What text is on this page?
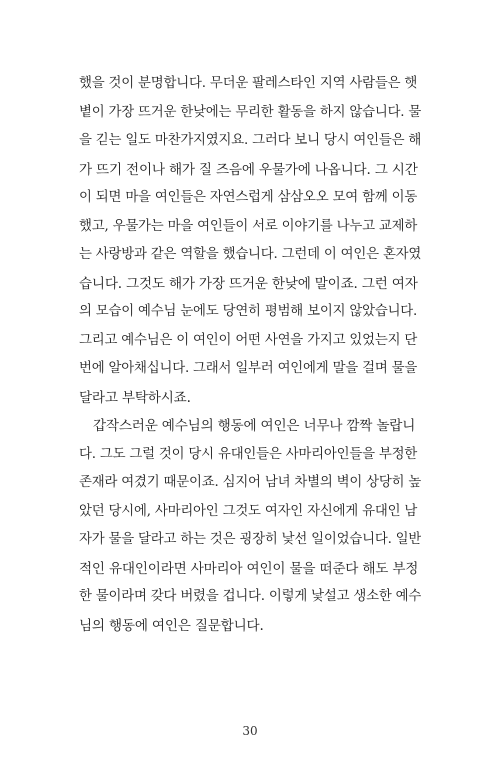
했을 것이 분명합니다. 무더운 팔레스타인 지역 사람들은 햇
볕이 가장 뜨거운 한낮에는 무리한 활동을 하지 않습니다. 물
을 긷는 일도 마찬가지였지요. 그러다 보니 당시 여인들은 해
가 뜨기 전이나 해가 질 즈음에 우물가에 나옵니다. 그 시간
이 되면 마을 여인들은 자연스럽게 삼삼오오 모여 함께 이동
했고, 우물가는 마을 여인들이 서로 이야기를 나누고 교제하
는 사랑방과 같은 역할을 했습니다. 그런데 이 여인은 혼자였
습니다. 그것도 해가 가장 뜨거운 한낮에 말이죠. 그런 여자
의 모습이 예수님 눈에도 당연히 평범해 보이지 않았습니다.
그리고 예수님은 이 여인이 어떤 사연을 가지고 있었는지 단
번에 알아채십니다. 그래서 일부러 여인에게 말을 걸며 물을
달라고 부탁하시죠.
갑작스러운 예수님의 행동에 여인은 너무나 깜짝 놀랍니
다. 그도 그럴 것이 당시 유대인들은 사마리아인들을 부정한
존재라 여겼기 때문이죠. 심지어 남녀 차별의 벽이 상당히 높
았던 당시에, 사마리아인 그것도 여자인 자신에게 유대인 남
자가 물을 달라고 하는 것은 굉장히 낯선 일이었습니다. 일반
적인 유대인이라면 사마리아 여인이 물을 떠준다 해도 부정
한 물이라며 갖다 버렸을 겁니다. 이렇게 낯설고 생소한 예수
님의 행동에 여인은 질문합니다.
30
